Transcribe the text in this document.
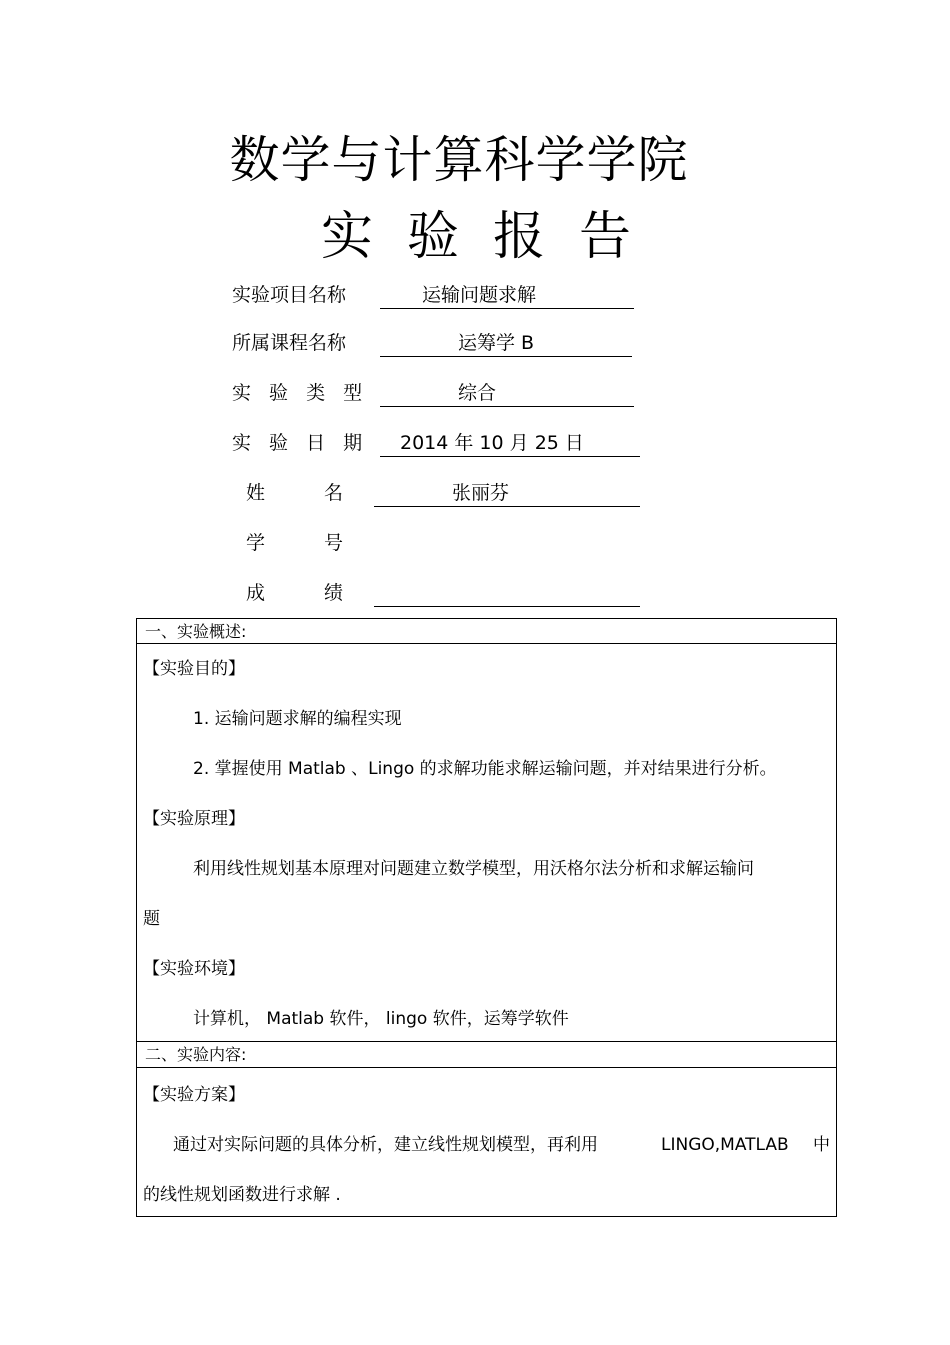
数学与计算科学学院
实验报告
实验项目名称	运输问题求解
所属课程名称	运筹学 B
实 验 类 型	综合
实 验 日 期 2014 年 10 月 25 日
姓	名	张丽芬
学	号
成	绩
一、实验概述:
【实验目的】
1. 运输问题求解的编程实现
2. 掌握使用 Matlab 、Lingo 的求解功能求解运输问题，并对结果进行分析。
【实验原理】
利用线性规划基本原理对问题建立数学模型，用沃格尔法分析和求解运输问
题
【实验环境】
计算机， Matlab 软件， lingo 软件，运筹学软件
二、实验内容:
【实验方案】
通过对实际问题的具体分析，建立线性规划模型，再利用	LINGO,MATLAB 中
的线性规划函数进行求解 .
